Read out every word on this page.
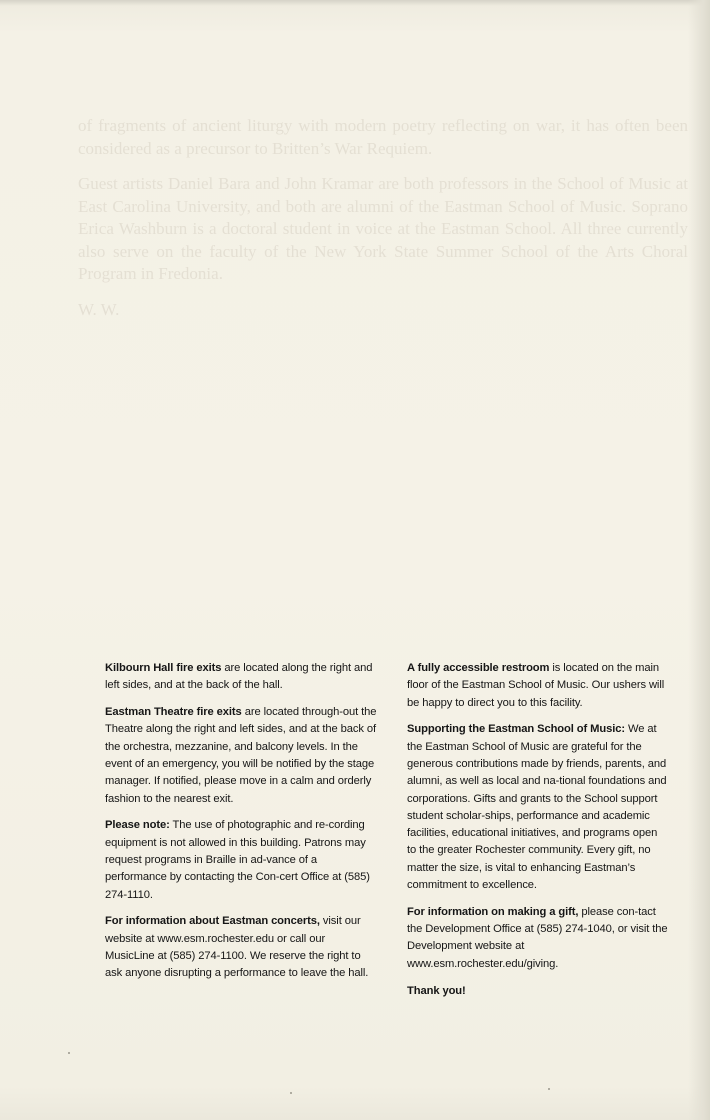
of fragments of ancient liturgy with modern poetry reflecting on war, it has often been considered as a precursor to Britten’s War Requiem.

Guest artists Daniel Bara and John Kramar are both professors in the School of Music at East Carolina University, and both are alumni of the Eastman School of Music. Soprano Erica Washburn is a doctoral student in voice at the Eastman School. All three currently also serve on the faculty of the New York State Summer School of the Arts Choral Program in Fredonia.

W. W.

Kilbourn Hall fire exits are located along the right and left sides, and at the back of the hall.

Eastman Theatre fire exits are located through-out the Theatre along the right and left sides, and at the back of the orchestra, mezzanine, and balcony levels. In the event of an emergency, you will be notified by the stage manager. If notified, please move in a calm and orderly fashion to the nearest exit.

Please note: The use of photographic and re-cording equipment is not allowed in this building. Patrons may request programs in Braille in ad-vance of a performance by contacting the Con-cert Office at (585) 274-1110.

For information about Eastman concerts, visit our website at www.esm.rochester.edu or call our MusicLine at (585) 274-1100. We reserve the right to ask anyone disrupting a performance to leave the hall.

A fully accessible restroom is located on the main floor of the Eastman School of Music. Our ushers will be happy to direct you to this facility.

Supporting the Eastman School of Music: We at the Eastman School of Music are grateful for the generous contributions made by friends, parents, and alumni, as well as local and na-tional foundations and corporations. Gifts and grants to the School support student scholar-ships, performance and academic facilities, educational initiatives, and programs open to the greater Rochester community. Every gift, no matter the size, is vital to enhancing Eastman’s commitment to excellence.

For information on making a gift, please con-tact the Development Office at (585) 274-1040, or visit the Development website at www.esm.rochester.edu/giving.

Thank you!
